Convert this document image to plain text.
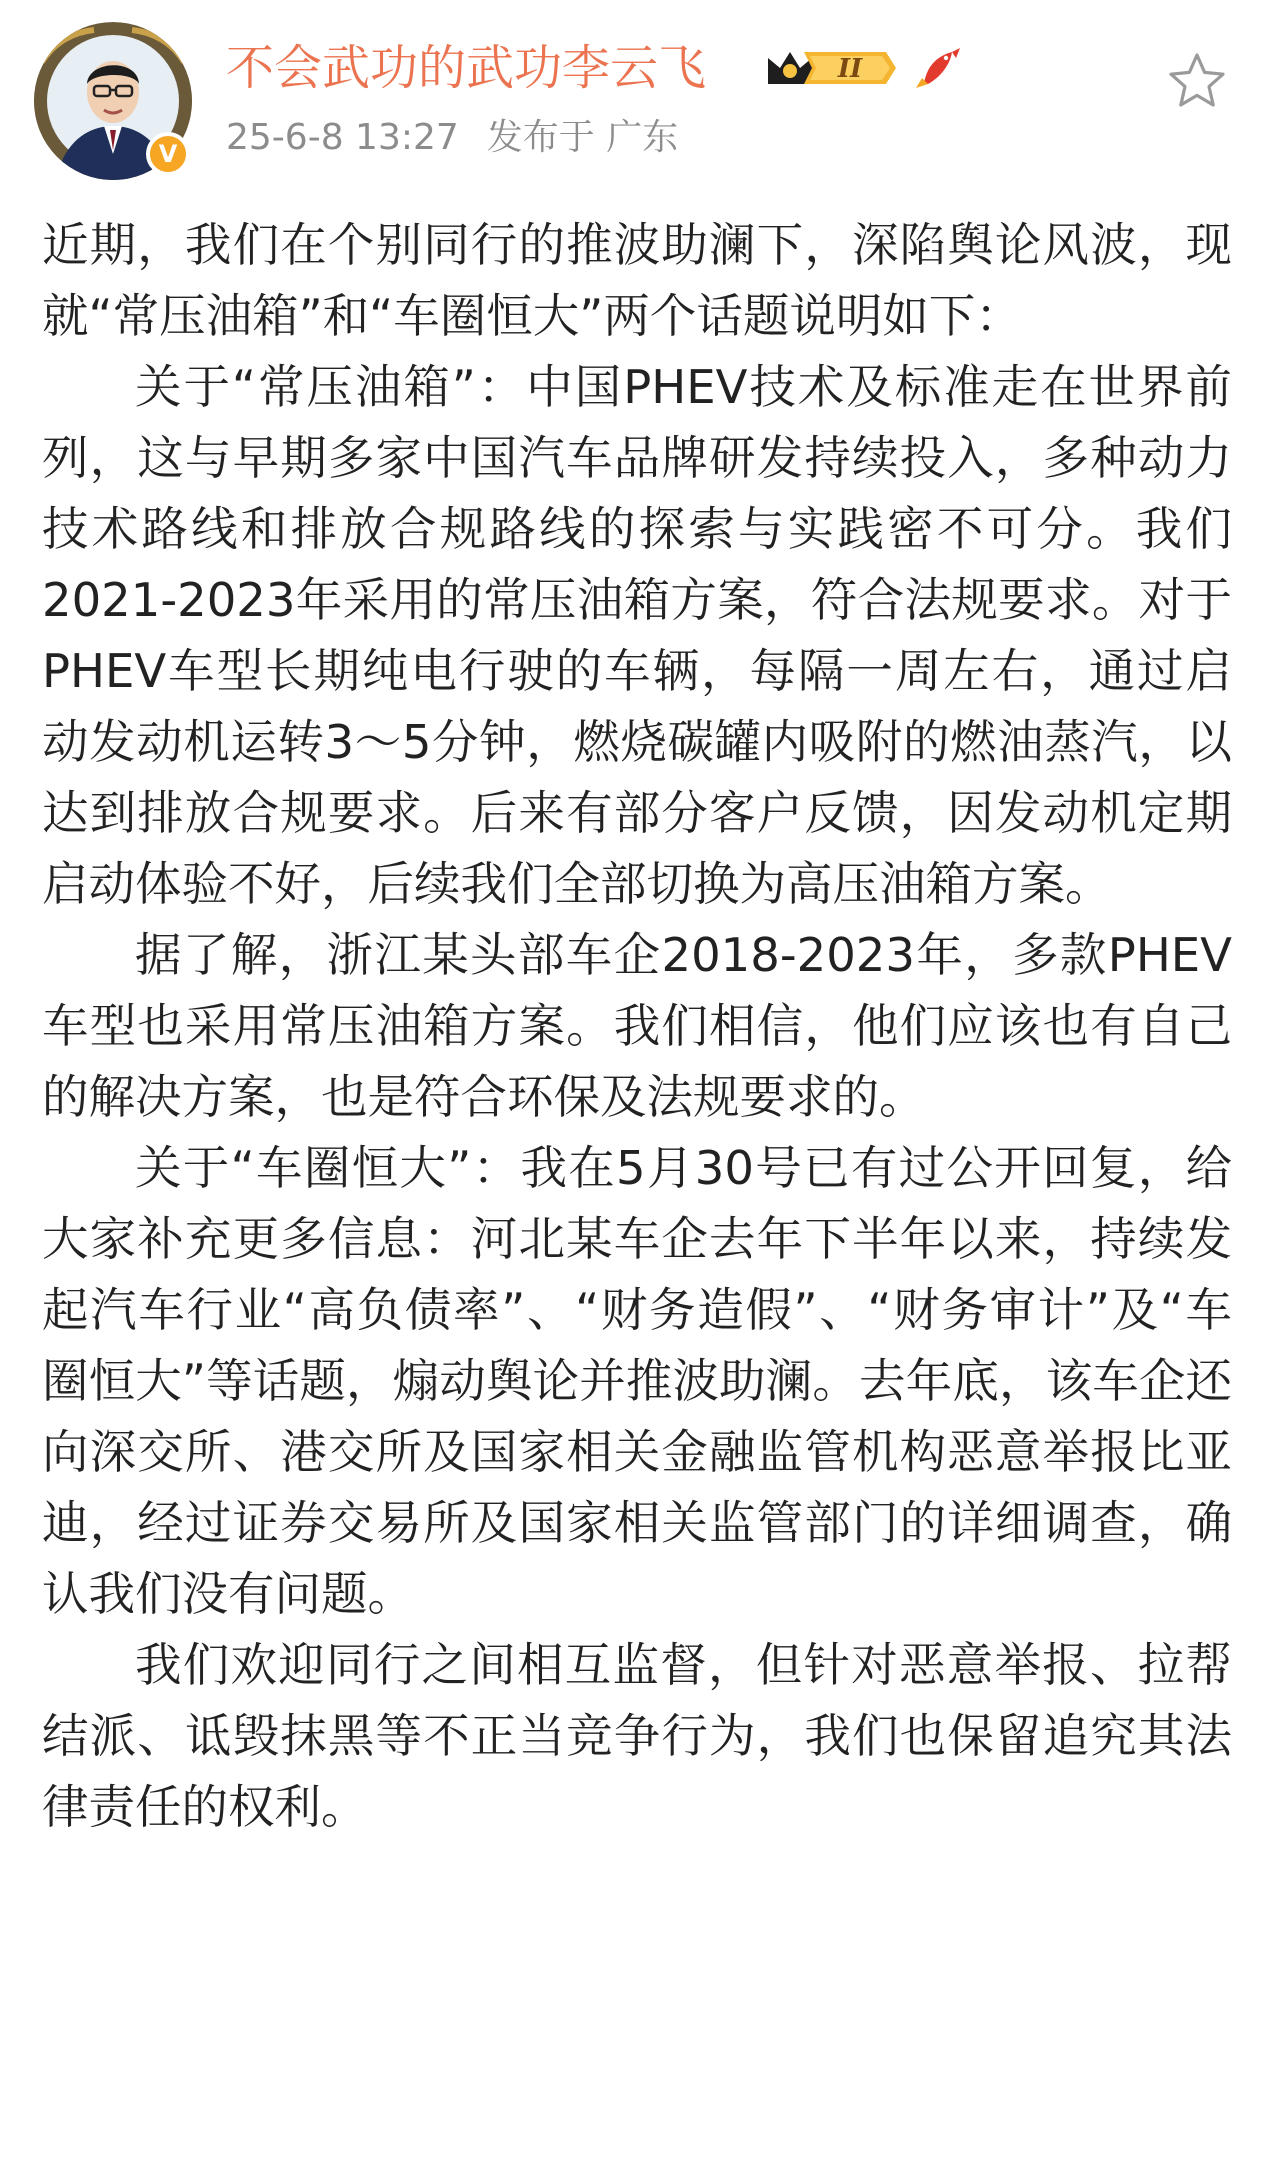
V
不会武功的武功李云飞	II
25-6-8 13:27 发布于 广东

近期，我们在个别同行的推波助澜下，深陷舆论风波，现就“常压油箱”和“车圈恒大”两个话题说明如下：

关于“常压油箱”：中国PHEV技术及标准走在世界前列，这与早期多家中国汽车品牌研发持续投入，多种动力技术路线和排放合规路线的探索与实践密不可分。我们2021-2023年采用的常压油箱方案，符合法规要求。对于PHEV车型长期纯电行驶的车辆，每隔一周左右，通过启动发动机运转3～5分钟，燃烧碳罐内吸附的燃油蒸汽，以达到排放合规要求。后来有部分客户反馈，因发动机定期启动体验不好，后续我们全部切换为高压油箱方案。

据了解，浙江某头部车企2018-2023年，多款PHEV车型也采用常压油箱方案。我们相信，他们应该也有自己的解决方案，也是符合环保及法规要求的。

关于“车圈恒大”：我在5月30号已有过公开回复，给大家补充更多信息：河北某车企去年下半年以来，持续发起汽车行业“高负债率”、“财务造假”、“财务审计”及“车圈恒大”等话题，煽动舆论并推波助澜。去年底，该车企还向深交所、港交所及国家相关金融监管机构恶意举报比亚迪，经过证券交易所及国家相关监管部门的详细调查，确认我们没有问题。

我们欢迎同行之间相互监督，但针对恶意举报、拉帮结派、诋毁抹黑等不正当竞争行为，我们也保留追究其法律责任的权利。
